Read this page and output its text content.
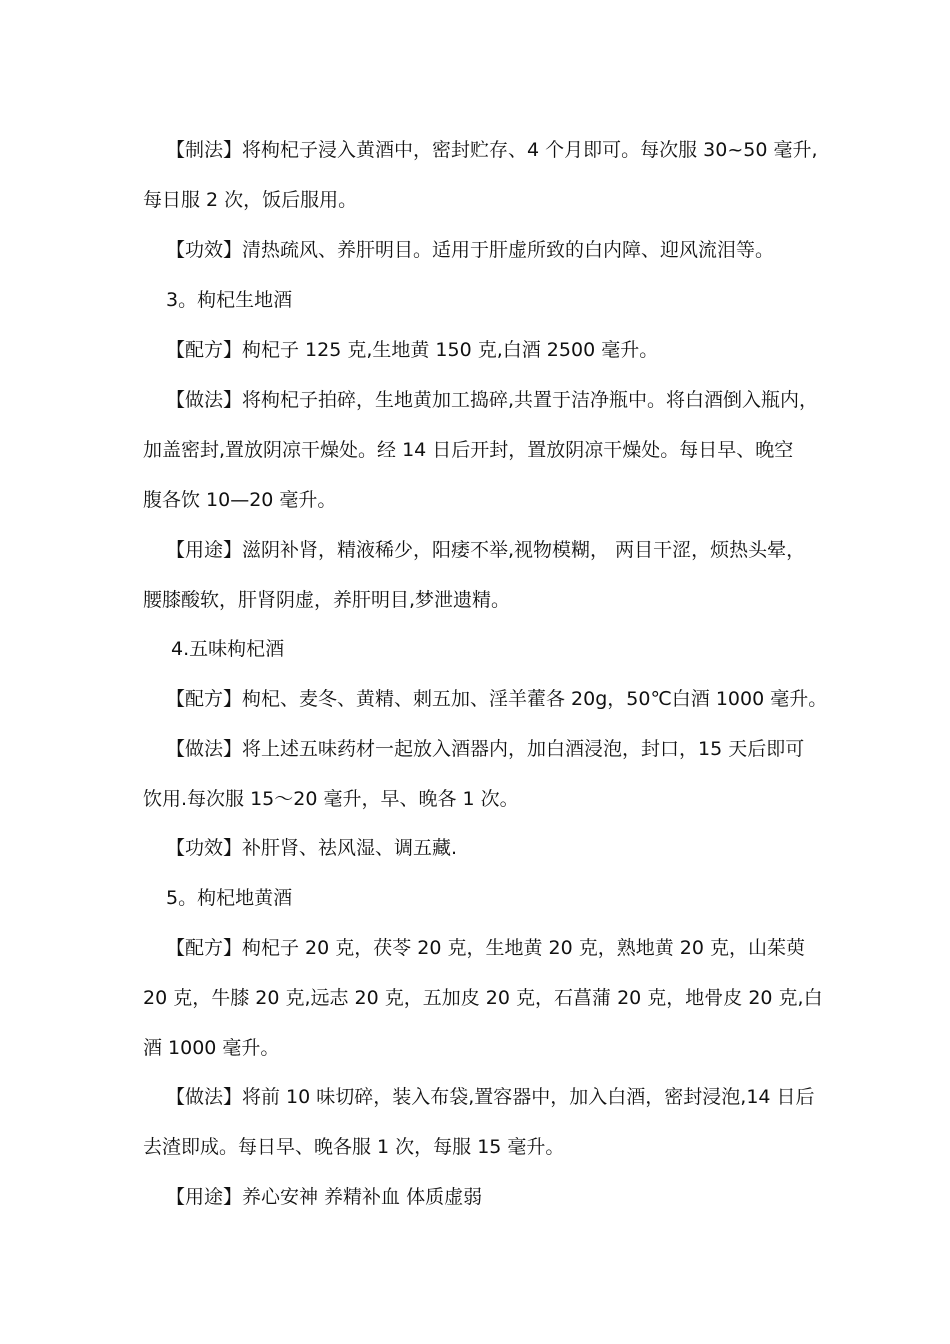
【制法】将枸杞子浸入黄酒中，密封贮存、4 个月即可。每次服 30~50 毫升,
每日服 2 次，饭后服用。
【功效】清热疏风、养肝明目。适用于肝虚所致的白内障、迎风流泪等。
3。枸杞生地酒
【配方】枸杞子 125 克,生地黄 150 克,白酒 2500 毫升。
【做法】将枸杞子拍碎，生地黄加工捣碎,共置于洁净瓶中。将白酒倒入瓶内，
加盖密封,置放阴凉干燥处。经 14 日后开封，置放阴凉干燥处。每日早、晚空
腹各饮 10—20 毫升。
【用途】滋阴补肾，精液稀少，阳痿不举,视物模糊， 两目干涩，烦热头晕，
腰膝酸软，肝肾阴虚，养肝明目,梦泄遗精。
4.五味枸杞酒
【配方】枸杞、麦冬、黄精、刺五加、淫羊藿各 20g，50℃白酒 1000 毫升。
【做法】将上述五味药材一起放入酒器内，加白酒浸泡，封口，15 天后即可
饮用.每次服 15～20 毫升，早、晚各 1 次。
【功效】补肝肾、祛风湿、调五藏.
5。枸杞地黄酒
【配方】枸杞子 20 克，茯苓 20 克，生地黄 20 克，熟地黄 20 克，山茱萸
20 克，牛膝 20 克,远志 20 克，五加皮 20 克，石菖蒲 20 克，地骨皮 20 克,白
酒 1000 毫升。
【做法】将前 10 味切碎，装入布袋,置容器中，加入白酒，密封浸泡,14 日后
去渣即成。每日早、晚各服 1 次，每服 15 毫升。
【用途】养心安神 养精补血 体质虚弱
